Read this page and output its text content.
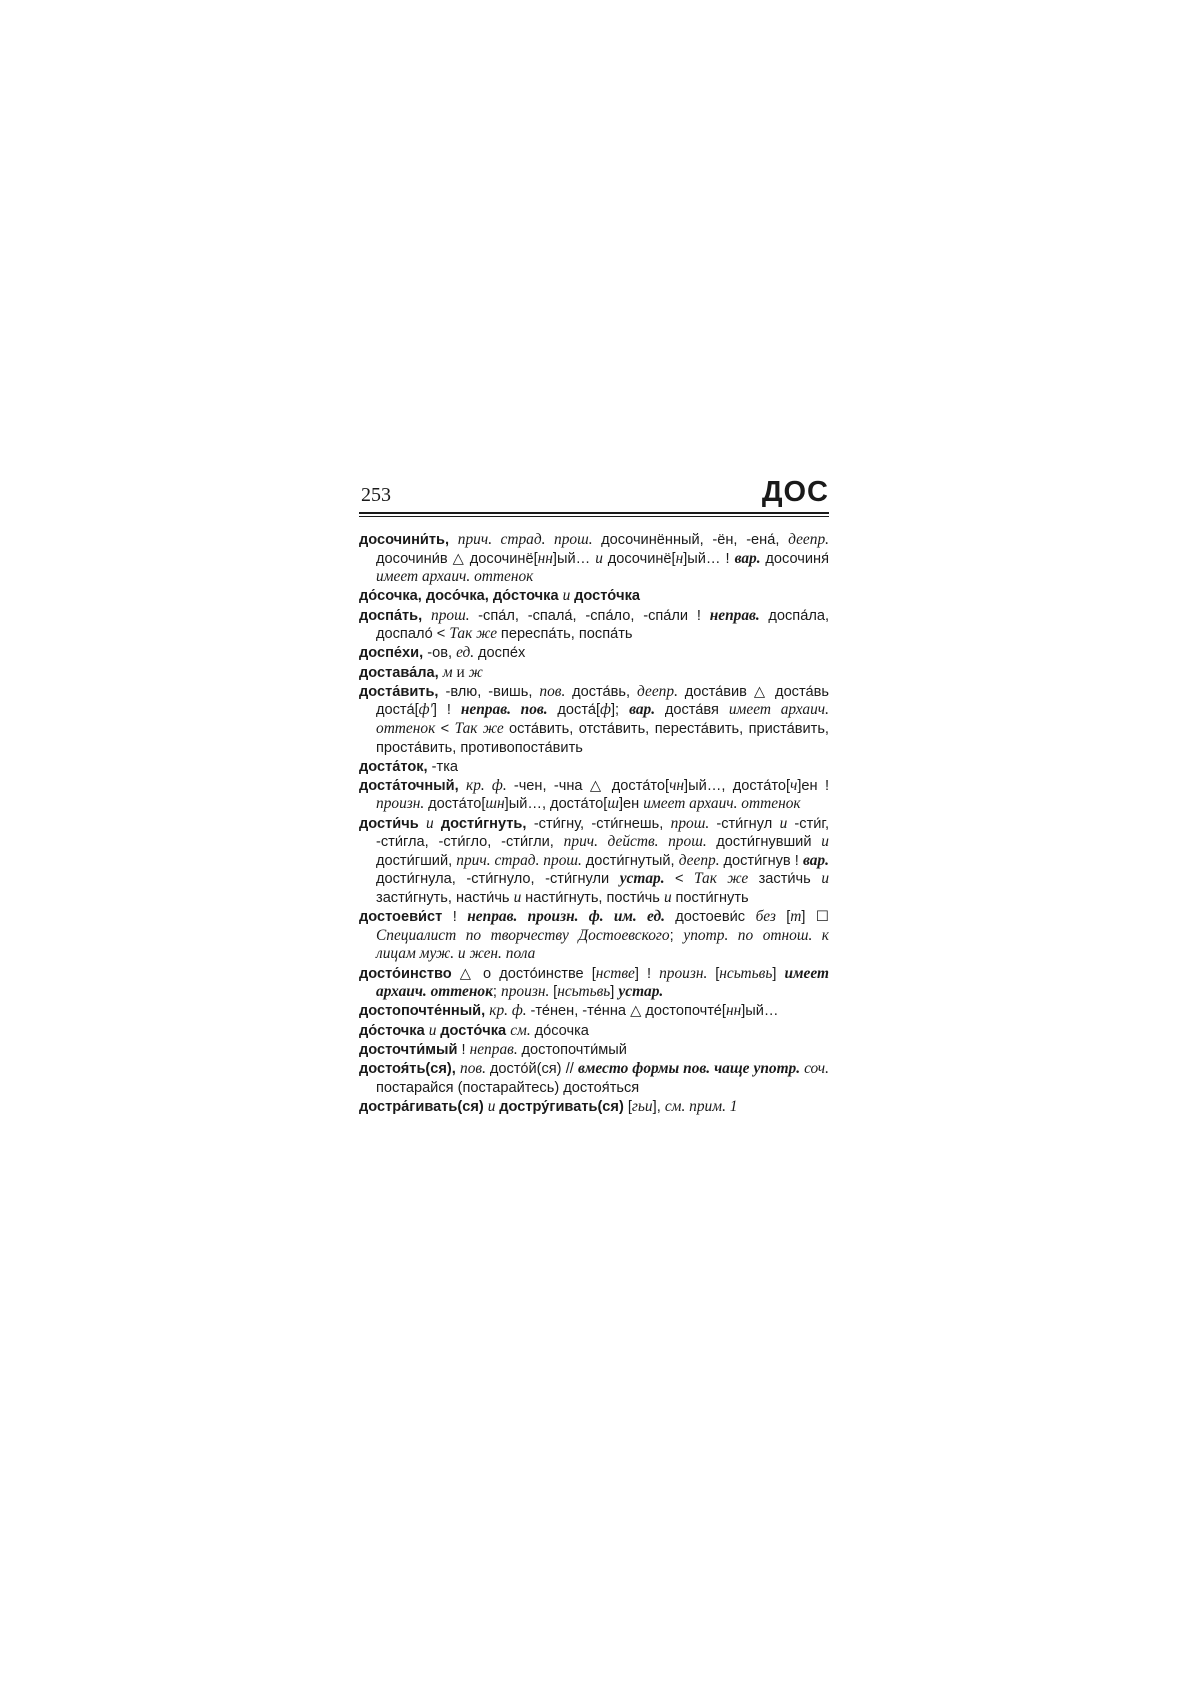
253	ДОС

досочини́ть, прич. страд. прош. досочинённый, -ён, -ена́, деепр. досочини́в △ досочинё[нн]ый… и досочинё[н]ый… ! вар. досочиня́ имеет архаич. оттенок

до́сочка, досо́чка, до́сточка и досто́чка

доспа́ть, прош. -спа́л, -спала́, -спа́ло, -спа́ли ! неправ. доспа́ла, доспало́ < Так же переспа́ть, поспа́ть

доспе́хи, -ов, ед. доспе́х

достава́ла, м и ж

доста́вить, -влю, -вишь, пов. доста́вь, деепр. доста́вив △ доста́вь доста́[ф'] ! неправ. пов. доста́[ф]; вар. доста́вя имеет архаич. оттенок < Так же оста́вить, отста́вить, переста́вить, приста́вить, проста́вить, противопоста́вить

доста́ток, -тка

доста́точный, кр. ф. -чен, -чна △ доста́то[чн]ый…, доста́то[ч]ен ! произн. доста́то[шн]ый…, доста́то[ш]ен имеет архаич. оттенок

дости́чь и дости́гнуть, -сти́гну, -сти́гнешь, прош. -сти́гнул и -сти́г, -сти́гла, -сти́гло, -сти́гли, прич. действ. прош. дости́гнувший и дости́гший, прич. страд. прош. дости́гнутый, деепр. дости́гнув ! вар. дости́гнула, -сти́гнуло, -сти́гнули устар. < Так же засти́чь и засти́гнуть, насти́чь и насти́гнуть, пости́чь и пости́гнуть

достоеви́ст ! неправ. произн. ф. им. ед. достоеви́с без [т] ☐ Специалист по творчеству Достоевского; употр. по отнош. к лицам муж. и жен. пола

досто́инство △ о досто́инстве [нстве] ! произн. [нсьтьвь] имеет архаич. оттенок; произн. [нсьтьвь] устар.

достопочте́нный, кр. ф. -те́нен, -те́нна △ достопочте́[нн]ый…

до́сточка и досто́чка см. до́сочка

досточти́мый ! неправ. достопочти́мый

достоя́ть(ся), пов. досто́й(ся) // вместо формы пов. чаще употр. соч. постарайся (постарайтесь) достоя́ться

достра́гивать(ся) и достру́гивать(ся) [гьи], см. прим. 1
